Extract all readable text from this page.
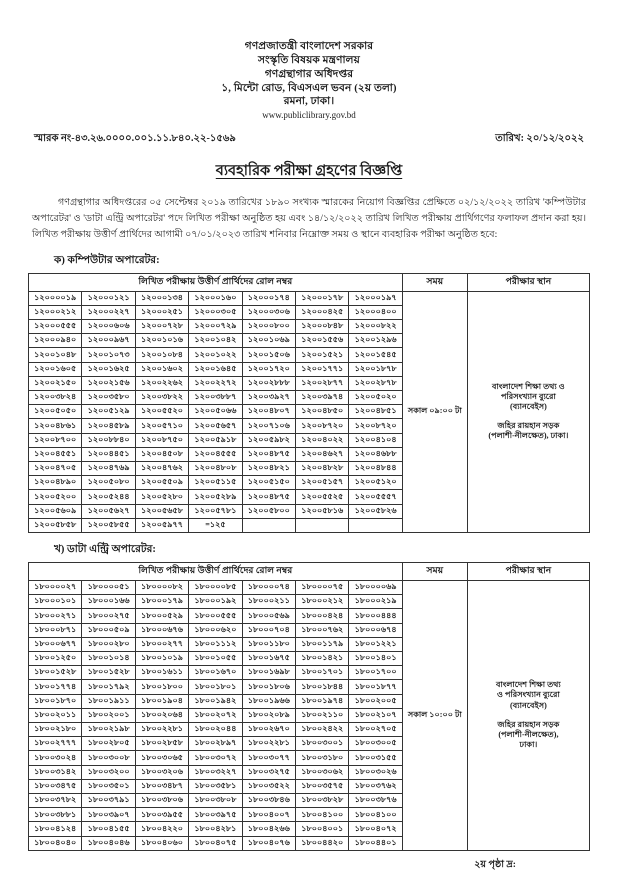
গণপ্রজাতন্ত্রী বাংলাদেশ সরকার
সংস্কৃতি বিষয়ক মন্ত্রণালয়
গণগ্রন্থাগার অধিদপ্তর
১, মিন্টো রোড, বিএসএল ভবন (২য় তলা)
রমনা, ঢাকা।
www.publiclibrary.gov.bd
স্মারক নং-৪৩.২৬.০০০০.০০১.১১.৮৪০.২২-১৫৬৯	তারিখ: ২০/১২/২০২২
ব্যবহারিক পরীক্ষা গ্রহণের বিজ্ঞপ্তি
গণগ্রন্থাগার অধিদপ্তরের ০৫ সেপ্টেম্বর ২০১৯ তারিখের ১৮৯০ সংখ্যক স্মারকের নিয়োগ বিজ্ঞপ্তির প্রেক্ষিতে ০২/১২/২০২২ তারিখ 'কম্পিউটার অপারেটর' ও 'ডাটা এন্ট্রি অপারেটর' পদে লিখিত পরীক্ষা অনুষ্ঠিত হয় এবং ১৪/১২/২০২২ তারিখ লিখিত পরীক্ষায় প্রার্থিগণের ফলাফল প্রদান করা হয়। লিখিত পরীক্ষায় উত্তীর্ণ প্রার্থিদের আগামী ০৭/০১/২০২৩ তারিখ শনিবার নিম্নোক্ত সময় ও স্থানে ব্যবহারিক পরীক্ষা অনুষ্ঠিত হবে:
ক) কম্পিউটার অপারেটর:
লিখিত পরীক্ষায় উত্তীর্ণ প্রার্থিদের রোল নম্বর							সময়	পরীক্ষার স্থান
১২০০০০১৯	১২০০০১২১	১২০০০১৩৪	১২০০০১৬০	১২০০০১৭৪	১২০০০১৭৮	১২০০০১৯৭	সকাল ০৯:০০ টা	বাংলাদেশ শিক্ষা তথ্য ও
পরিসংখ্যান ব্যুরো
(ব্যানবেইস)
জহির রায়হান সড়ক
(পলাশী-নীলক্ষেত), ঢাকা।

১২০০০২১২	১২০০০২২৭	১২০০০২৫১	১২০০০৩০৫	১২০০০৩০৬	১২০০০৪২৫	১২০০০৪০০		
১২০০০৫৫৫	১২০০০৬০৬	১২০০০৭২৮	১২০০০৭২৯	১২০০০৮০০	১২০০০৮৪৮	১২০০০৮২২		
১২০০০৯৪০	১২০০০৯৬৭	১২০০১০১৬	১২০০১০৪২	১২০০১০৬৯	১২০০১৫৫৬	১২০০১২৯৬		
১২০০১০৪৮	১২০০১০৭৩	১২০০১০৮৪	১২০০১০২২	১২০০১৫০৬	১২০০১৫২১	১২০০১৫৪৫		
১২০০১৬০৫	১২০০১৬২৫	১২০০১৬০২	১২০০১৬৪৫	১২০০১৭২০	১২০০১৭৭১	১২০০১৮৭৮		
১২০০২১৫০	১২০০২১৫৬	১২০০২২৬২	১২০০২২৭২	১২০০২৮৮৮	১২০০২৮৭৭	১২০০২৮৭৮		
১২০০৩৮২৪	১২০০৩৫৮০	১২০০৩৮২২	১২০০৩৮৮৭	১২০০৩৯২৭	১২০০৩৯৭৪	১২০০৫০২০		
১২০০৫০৫০	১২০০৫১২৯	১২০০৫৫২০	১২০০৫০৬৬	১২০০৪৮০৭	১২০০৪৮৫০	১২০০৪৮৫১		
১২০০৪৮৬১	১২০০৪৫৮৯	১২০০৫৭১০	১২০০৫৬৫৭	১২০০৭১০৬	১২০০৮৭২০	১২০০৮৭২০		
১২০০৮৭০০	১২০০৮৮৪০	১২০০৮৭৫০	১২০০৫৯১৮	১২০০৫৯৮২	১২০০৪০২২	১২০০৪১০৪		
১২০০৪৫৫১	১২০০৪৪৫১	১২০০৪৫০৮	১২০০৪৫৫৫	১২০০৪৮৭৫	১২০০৪৬২৭	১২০০৪৬৮৮		
১২০০৪৭০৫	১২০০৪৭৬৯	১২০০৪৭৬২	১২০০৪৮০৮	১২০০৪৮২১	১২০০৪৮২৮	১২০০৪৮৪৪		
১২০০৪৮৯০	১২০০৫০৮০	১২০০৫৫০৯	১২০০৫১১৫	১২০০৫১৫০	১২০০৫১৫৭	১২০০৫১২০		
১২০০৫২০০	১২০০৫২৪৪	১২০০৫২৮০	১২০০৫২৮৯	১২০০৪৮৭৫	১২০০৫৫২৫	১২০০৫৫৫৭		
১২০০৫৬০৯	১২০০৫৬২৭	১২০০৫৬৫৮	১২০০৫৭৮১	১২০০৫৮০০	১২০০৫৮১৬	১২০০৫৮২৬		
১২০০৫৮৫৮	১২০০৫৮৫৫	১২০০৫৯৭৭	=১২৫					
খ) ডাটা এন্ট্রি অপারেটর:
লিখিত পরীক্ষায় উত্তীর্ণ প্রার্থিদের রোল নম্বর							সময়	পরীক্ষার স্থান
১৮০০০০২৭	১৮০০০০৫১	১৮০০০০৮২	১৮০০০০৮৫	১৮০০০০৭৪	১৮০০০০৭৫	১৮০০০০৬৯	সকাল ১০:০০ টা	
বাংলাদেশ শিক্ষা তথ্য
ও পরিসংখ্যান ব্যুরো
(ব্যানবেইস)
জহির রায়হান সড়ক
(পলাশী-নীলক্ষেত),
ঢাকা।

১৮০০০১০১	১৮০০০১৬৬	১৮০০০১৭৯	১৮০০০১৯২	১৮০০০২১১	১৮০০০২১২	১৮০০০২১৯		
১৮০০০২৭১	১৮০০০২৭৫	১৮০০০৫২৯	১৮০০০৫৫৫	১৮০০০৫৬৯	১৮০০০৪২৪	১৮০০০৪৪৪		
১৮০০০৮৭১	১৮০০০৫০৯	১৮০০০৬৭৬	১৮০০০৬২০	১৮০০০৭০৪	১৮০০০৭৬২	১৮০০০৬৭৪		
১৮০০০৬৭৭	১৮০০০২৮০	১৮০০০২৭৭	১৮০০১১১২	১৮০০১১৮০	১৮০০১১৭৯	১৮০০১২২১		
১৮০০১২৫০	১৮০০১০১৪	১৮০০১০১৯	১৮০০১০৫৫	১৮০০১৬৭৫	১৮০০১৪২১	১৮০০১৪০১		
১৮০০১৫২৮	১৮০০১৫২৮	১৮০০১৬১১	১৮০০১৬৭০	১৮০০১৬৯৮	১৮০০১৭০১	১৮০০১৭০০		
১৮০০১৭৭৪	১৮০০১৭৯২	১৮০০১৮০০	১৮০০১৮০১	১৮০০১৮০৬	১৮০০১৮৪৪	১৮০০১৮৭৭		
১৮০০১৮৭০	১৮০০১৯১১	১৮০০১৯০৪	১৮০০১৯৪২	১৮০০১৯৬৬	১৮০০১৯৭৪	১৮০০২০০৫		
১৮০০২০১১	১৮০০২০০১	১৮০০২০৬৪	১৮০০২০৭২	১৮০০২০৮৯	১৮০০২১১০	১৮০০২১০৭		
১৮০০২১৮০	১৮০০২১৯৮	১৮০০২২৮১	১৮০০২০৪৪	১৮০০২৬৭০	১৮০০২৪২২	১৮০০২৭০৫		
১৮০০২৭৭৭	১৮০০২৮০৫	১৮০০২৮৫৮	১৮০০২৮৯৭	১৮০০২২৮১	১৮০০৩০০১	১৮০০৩০০৫		
১৮০০৩০২৪	১৮০০৩০০৮	১৮০০৩০৬৫	১৮০০৩০৭২	১৮০০৩০৭৭	১৮০০৩১৮০	১৮০০৩১৫৫		
১৮০০৩১৪২	১৮০০৩২০০	১৮০০৩২০৬	১৮০০৩২২৭	১৮০০৩২৭৫	১৮০০৩০৬২	১৮০০৩০২৬		
১৮০০৩৪৭৫	১৮০০৩৫০১	১৮০০৩৪৮৭	১৮০০৩৫৮১	১৮০০৩৫২২	১৮০০৩৫৭৫	১৮০০৩৭৬২		
১৮০০৩৭৮২	১৮০০৩৭৯১	১৮০০৩৮০৬	১৮০০৩৮০৮	১৮০০৩৮৪৬	১৮০০৩৮২৮	১৮০০৩৮৭৬		
১৮০০৩৮৮১	১৮০০৩৯০৭	১৮০০৩৯৫৫	১৮০০৩৯৭৫	১৮০০৪০০৭	১৮০০৪১০০	১৮০০৪১০০		
১৮০০৪১২৪	১৮০০৪১৫৫	১৮০০৪২২০	১৮০০৪২৮১	১৮০০৪২৬৬	১৮০০৪০০১	১৮০০৪০৭২		
১৮০০৪০৪০	১৮০০৪০৪৬	১৮০০৪০৬০	১৮০০৪০৭৫	১৮০০৪০৭৬	১৮০০৪৪২০	১৮০০৪৪০১		
২য় পৃষ্ঠা দ্র:
